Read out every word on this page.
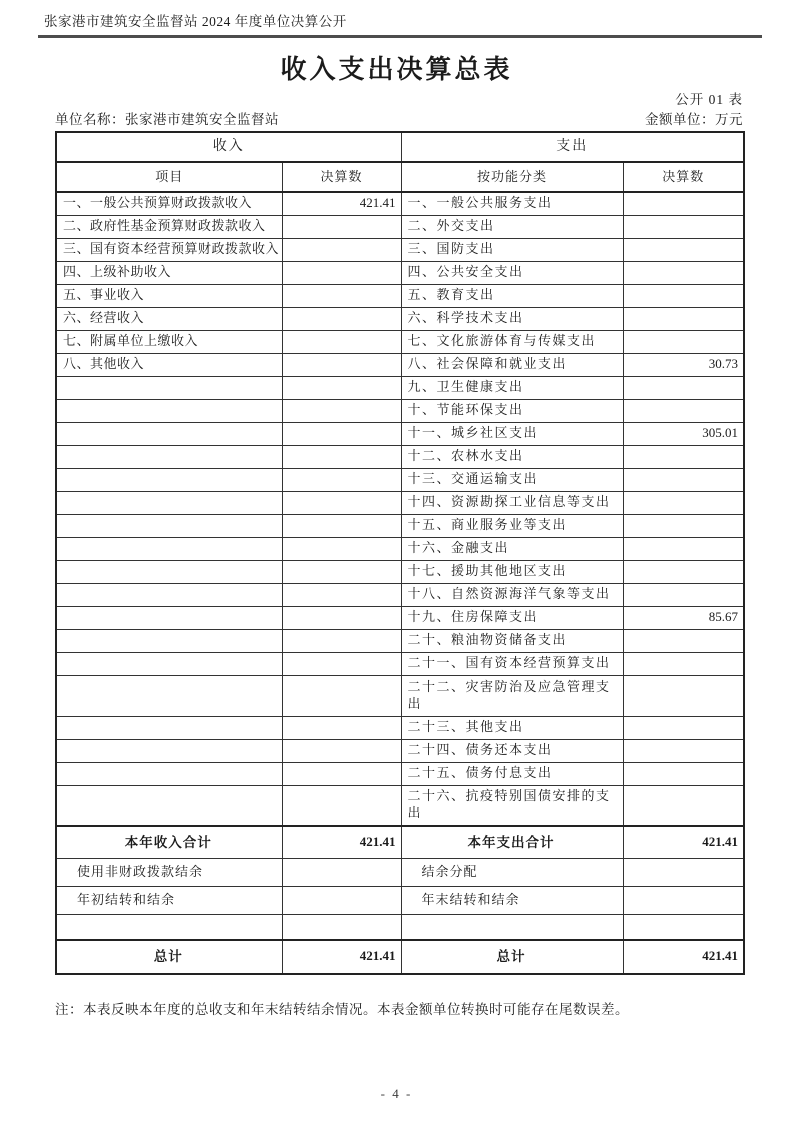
张家港市建筑安全监督站 2024 年度单位决算公开
收入支出决算总表
公开 01 表
单位名称：张家港市建筑安全监督站	金额单位：万元
收入		支出	
项目	决算数	按功能分类	决算数
一、一般公共预算财政拨款收入	421.41	一、一般公共服务支出	
二、政府性基金预算财政拨款收入		二、外交支出	
三、国有资本经营预算财政拨款收入		三、国防支出	
四、上级补助收入		四、公共安全支出	
五、事业收入		五、教育支出	
六、经营收入		六、科学技术支出	
七、附属单位上缴收入		七、文化旅游体育与传媒支出	
八、其他收入		八、社会保障和就业支出	30.73
		九、卫生健康支出	
		十、节能环保支出	
		十一、城乡社区支出	305.01
		十二、农林水支出	
		十三、交通运输支出	
		十四、资源勘探工业信息等支出	
		十五、商业服务业等支出	
		十六、金融支出	
		十七、援助其他地区支出	
		十八、自然资源海洋气象等支出	
		十九、住房保障支出	85.67
		二十、粮油物资储备支出	
		二十一、国有资本经营预算支出	
		二十二、灾害防治及应急管理支出	
		二十三、其他支出	
		二十四、债务还本支出	
		二十五、债务付息支出	
		二十六、抗疫特别国债安排的支出	
本年收入合计	421.41	本年支出合计	421.41
使用非财政拨款结余		结余分配	
年初结转和结余		年末结转和结余	

总计	421.41	总计	421.41
注：本表反映本年度的总收支和年末结转结余情况。本表金额单位转换时可能存在尾数误差。
- 4 -
